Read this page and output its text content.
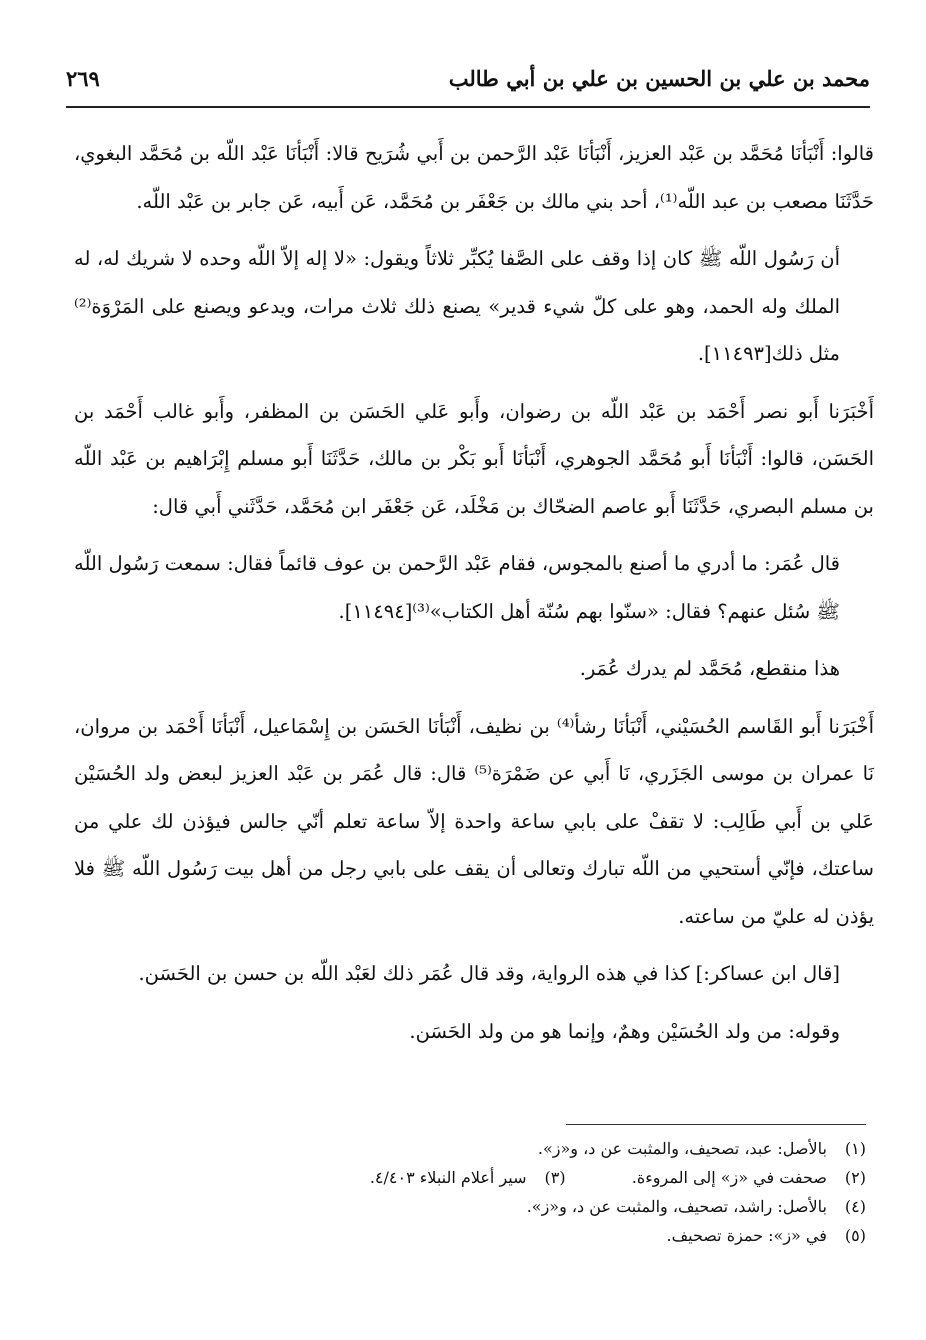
محمد بن علي بن الحسين بن علي بن أبي طالب
٢٦٩

قالوا: أَنْبَأنَا مُحَمَّد بن عَبْد العزيز، أَنْبَأنَا عَبْد الرَّحمن بن أَبي شُرَيح قالا: أَنْبَأنَا عَبْد اللّه بن مُحَمَّد البغوي، حَدَّثَنَا مصعب بن عبد اللّه⁽¹⁾، أحد بني مالك بن جَعْفَر بن مُحَمَّد، عَن أَبيه، عَن جابر بن عَبْد اللّه.

أن رَسُول اللّه ﷺ كان إذا وقف على الصَّفا يُكبِّر ثلاثاً ويقول: «لا إله إلاّ اللّه وحده لا شريك له، له الملك وله الحمد، وهو على كلّ شيء قدير» يصنع ذلك ثلاث مرات، ويدعو ويصنع على المَرْوَة⁽²⁾ مثل ذلك[١١٤٩٣].

أَخْبَرَنا أَبو نصر أَحْمَد بن عَبْد اللّه بن رضوان، وأَبو عَلي الحَسَن بن المظفر، وأَبو غالب أَحْمَد بن الحَسَن، قالوا: أَنْبَأنَا أَبو مُحَمَّد الجوهري، أَنْبَأنَا أَبو بَكْر بن مالك، حَدَّثَنَا أَبو مسلم إِبْرَاهيم بن عَبْد اللّه بن مسلم البصري، حَدَّثَنَا أَبو عاصم الضحّاك بن مَخْلَد، عَن جَعْفَر ابن مُحَمَّد، حَدَّثَني أَبي قال:

قال عُمَر: ما أدري ما أصنع بالمجوس، فقام عَبْد الرَّحمن بن عوف قائماً فقال: سمعت رَسُول اللّه ﷺ سُئل عنهم؟ فقال: «سنّوا بهم سُنّة أهل الكتاب»⁽³⁾[١١٤٩٤].

هذا منقطع، مُحَمَّد لم يدرك عُمَر.

أَخْبَرَنا أَبو القَاسم الحُسَيْني، أَنْبَأنَا رشأ⁽⁴⁾ بن نظيف، أَنْبَأنَا الحَسَن بن إِسْمَاعيل، أَنْبَأنَا أَحْمَد بن مروان، نَا عمران بن موسى الجَزَري، نَا أَبي عن ضَمْرَة⁽⁵⁾ قال: قال عُمَر بن عَبْد العزيز لبعض ولد الحُسَيْن عَلي بن أَبي طَالِب: لا تقفْ على بابي ساعة واحدة إلاّ ساعة تعلم أنّي جالس فيؤذن لك علي من ساعتك، فإنّي أستحيي من اللّه تبارك وتعالى أن يقف على بابي رجل من أهل بيت رَسُول اللّه ﷺ فلا يؤذن له عليّ من ساعته.

[قال ابن عساكر:] كذا في هذه الرواية، وقد قال عُمَر ذلك لعَبْد اللّه بن حسن بن الحَسَن.

وقوله: من ولد الحُسَيْن وهمٌ، وإنما هو من ولد الحَسَن.

(١) بالأصل: عبد، تصحيف، والمثبت عن د، و«ز».
(٢) صحفت في «ز» إلى المروءة.  (٣) سير أعلام النبلاء ٤/٤٠٣.
(٤) بالأصل: راشد، تصحيف، والمثبت عن د، و«ز».
(٥) في «ز»: حمزة تصحيف.
